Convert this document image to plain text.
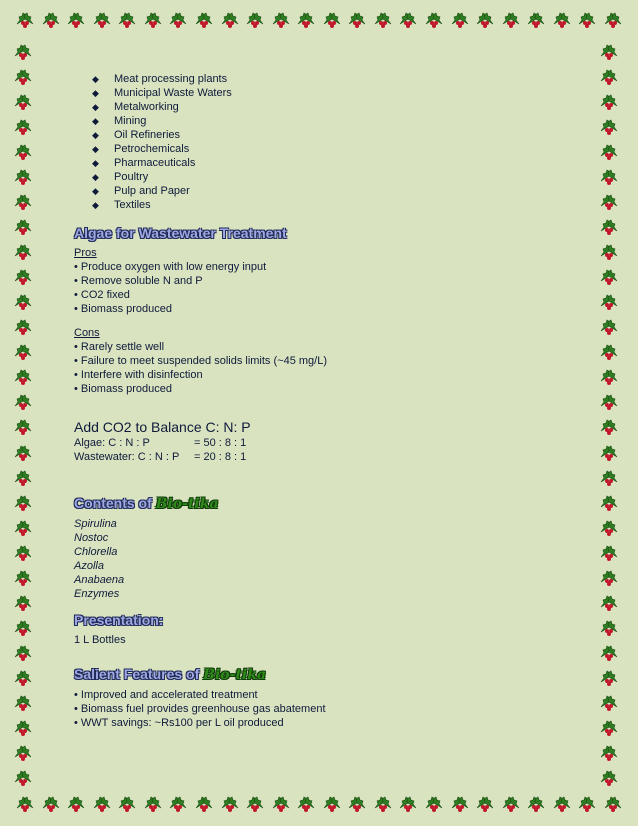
◆ Meat processing plants
◆ Municipal Waste Waters
◆ Metalworking
◆ Mining
◆ Oil Refineries
◆ Petrochemicals
◆ Pharmaceuticals
◆ Poultry
◆ Pulp and Paper
◆ Textiles
Algae for Wastewater Treatment
Pros
• Produce oxygen with low energy input
• Remove soluble N and P
• CO2 fixed
• Biomass produced
Cons
• Rarely settle well
• Failure to meet suspended solids limits (~45 mg/L)
• Interfere with disinfection
• Biomass produced
Add CO2 to Balance C: N: P
Algae: C : N : P	= 50 : 8 : 1
Wastewater: C : N : P	= 20 : 8 : 1
Contents of Bio-tika
Spirulina
Nostoc
Chlorella
Azolla
Anabaena
Enzymes
Presentation:
1 L Bottles
Salient Features of Bio-tika
• Improved and accelerated treatment
• Biomass fuel provides greenhouse gas abatement
• WWT savings: ~Rs100 per L oil produced
